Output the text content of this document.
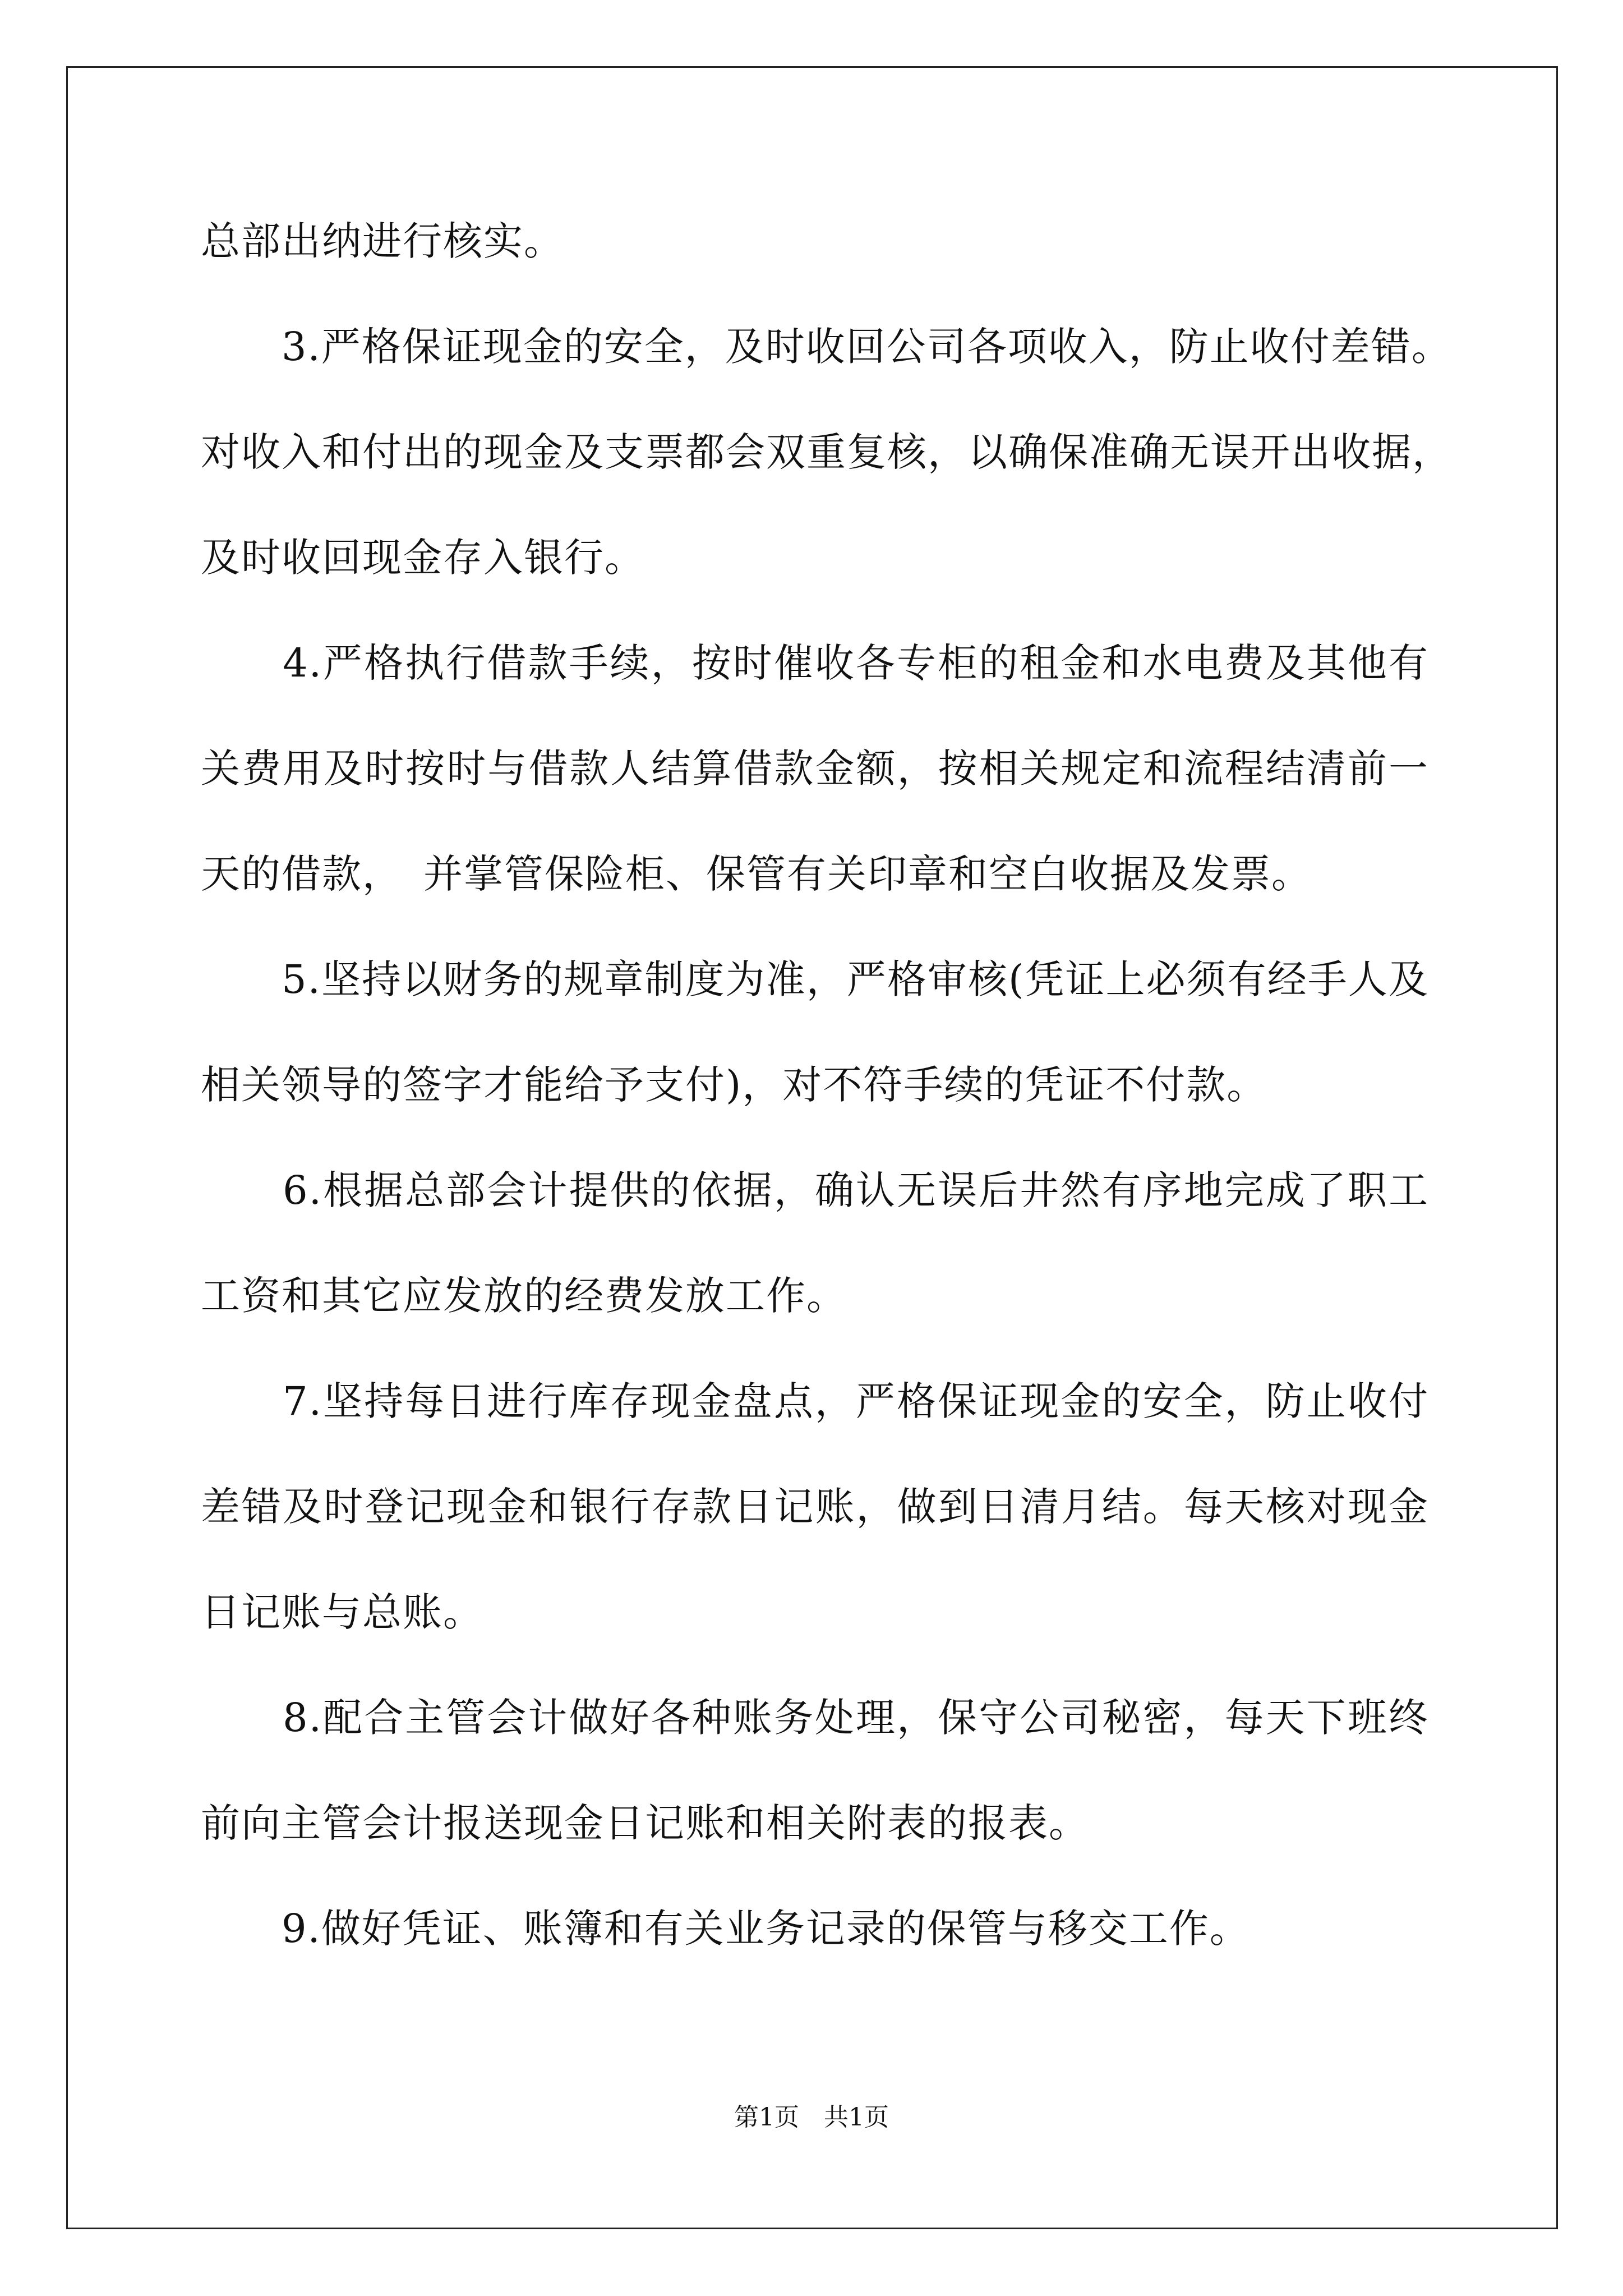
总部出纳进行核实。
　　3.严格保证现金的安全，及时收回公司各项收入，防止收付差错。
对收入和付出的现金及支票都会双重复核，以确保准确无误开出收据，
及时收回现金存入银行。
　　4.严格执行借款手续，按时催收各专柜的租金和水电费及其他有
关费用及时按时与借款人结算借款金额，按相关规定和流程结清前一
天的借款，　并掌管保险柜、保管有关印章和空白收据及发票。
　　5.坚持以财务的规章制度为准，严格审核(凭证上必须有经手人及
相关领导的签字才能给予支付)，对不符手续的凭证不付款。
　　6.根据总部会计提供的依据，确认无误后井然有序地完成了职工
工资和其它应发放的经费发放工作。
　　7.坚持每日进行库存现金盘点，严格保证现金的安全，防止收付
差错及时登记现金和银行存款日记账，做到日清月结。每天核对现金
日记账与总账。
　　8.配合主管会计做好各种账务处理，保守公司秘密，每天下班终
前向主管会计报送现金日记账和相关附表的报表。
　　9.做好凭证、账簿和有关业务记录的保管与移交工作。
第1页　共1页
